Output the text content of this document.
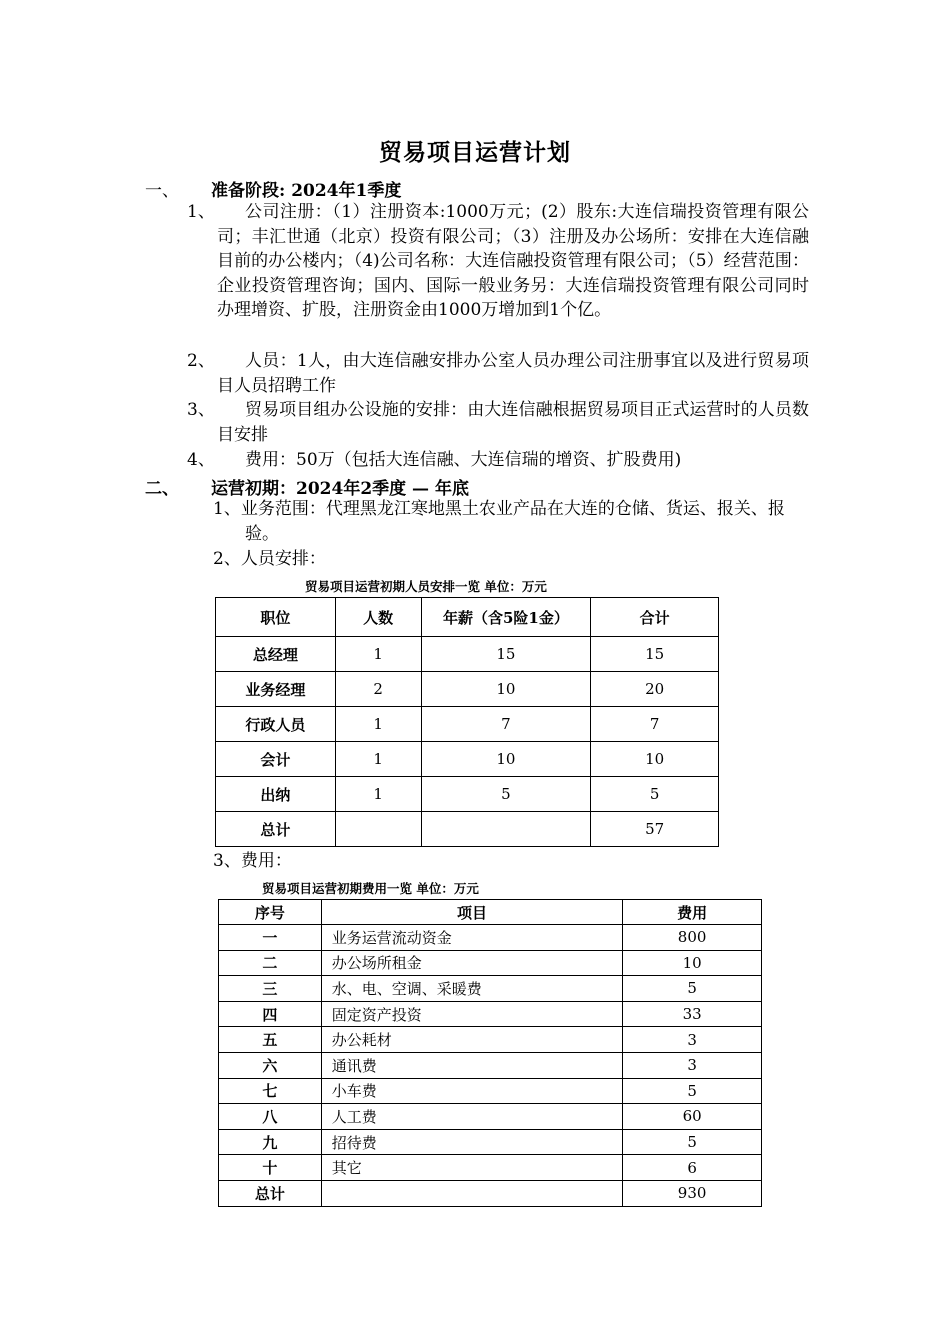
贸易项目运营计划
一、 准备阶段: 2024年1季度
1、	公司注册：（1）注册资本:1000万元；(2）股东:大连信瑞投资管理有限公司；丰汇世通（北京）投资有限公司；（3）注册及办公场所：安排在大连信融目前的办公楼内；（4)公司名称：大连信融投资管理有限公司；（5）经营范围：企业投资管理咨询；国内、国际一般业务另：大连信瑞投资管理有限公司同时办理增资、扩股，注册资金由1000万增加到1个亿。
2、	人员：1人，由大连信融安排办公室人员办理公司注册事宜以及进行贸易项目人员招聘工作
3、	贸易项目组办公设施的安排：由大连信融根据贸易项目正式运营时的人员数目安排
4、	费用：50万（包括大连信融、大连信瑞的增资、扩股费用)
二、 运营初期：2024年2季度 — 年底
1、业务范围：代理黑龙江寒地黑土农业产品在大连的仓储、货运、报关、报验。
2、人员安排：
贸易项目运营初期人员安排一览 单位：万元
职位	人数	年薪（含5险1金）	合计
总经理	1	15	15
业务经理	2	10	20
行政人员	1	7	7
会计	1	10	10
出纳	1	5	5
总计			57
3、费用：
贸易项目运营初期费用一览 单位：万元
序号	项目	费用
一	业务运营流动资金	800
二	办公场所租金	10
三	水、电、空调、采暖费	5
四	固定资产投资	33
五	办公耗材	3
六	通讯费	3
七	小车费	5
八	人工费	60
九	招待费	5
十	其它	6
总计		930
